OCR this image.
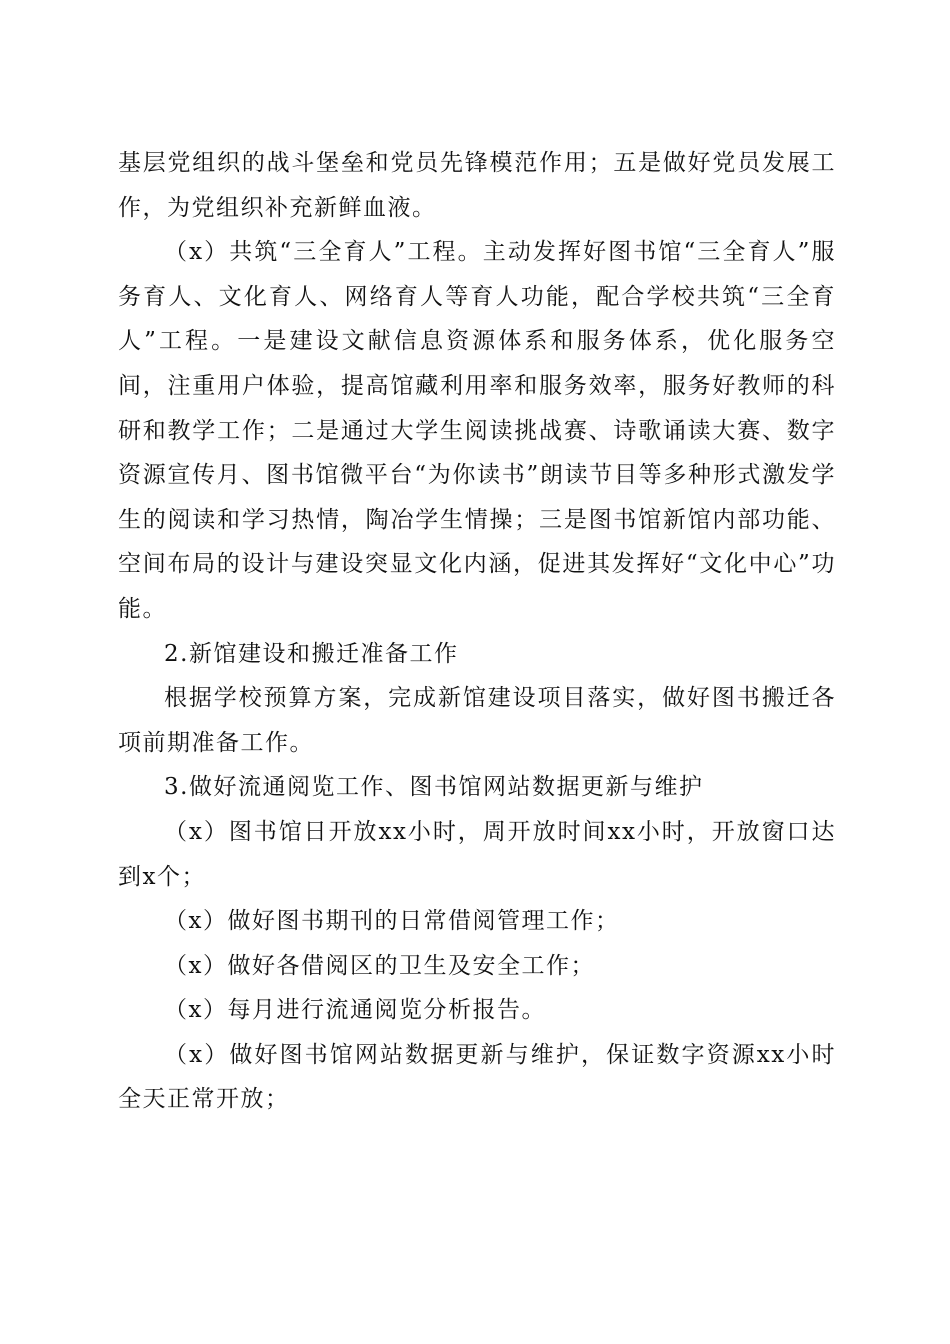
基层党组织的战斗堡垒和党员先锋模范作用；五是做好党员发展工作，为党组织补充新鲜血液。

（x）共筑“三全育人”工程。主动发挥好图书馆“三全育人”服务育人、文化育人、网络育人等育人功能，配合学校共筑“三全育人”工程。一是建设文献信息资源体系和服务体系，优化服务空间，注重用户体验，提高馆藏利用率和服务效率，服务好教师的科研和教学工作；二是通过大学生阅读挑战赛、诗歌诵读大赛、数字资源宣传月、图书馆微平台“为你读书”朗读节目等多种形式激发学生的阅读和学习热情，陶冶学生情操；三是图书馆新馆内部功能、空间布局的设计与建设突显文化内涵，促进其发挥好“文化中心”功能。

2.新馆建设和搬迁准备工作

根据学校预算方案，完成新馆建设项目落实，做好图书搬迁各项前期准备工作。

3.做好流通阅览工作、图书馆网站数据更新与维护

（x）图书馆日开放xx小时，周开放时间xx小时，开放窗口达到x个；

（x）做好图书期刊的日常借阅管理工作；

（x）做好各借阅区的卫生及安全工作；

（x）每月进行流通阅览分析报告。

（x）做好图书馆网站数据更新与维护，保证数字资源xx小时全天正常开放；
